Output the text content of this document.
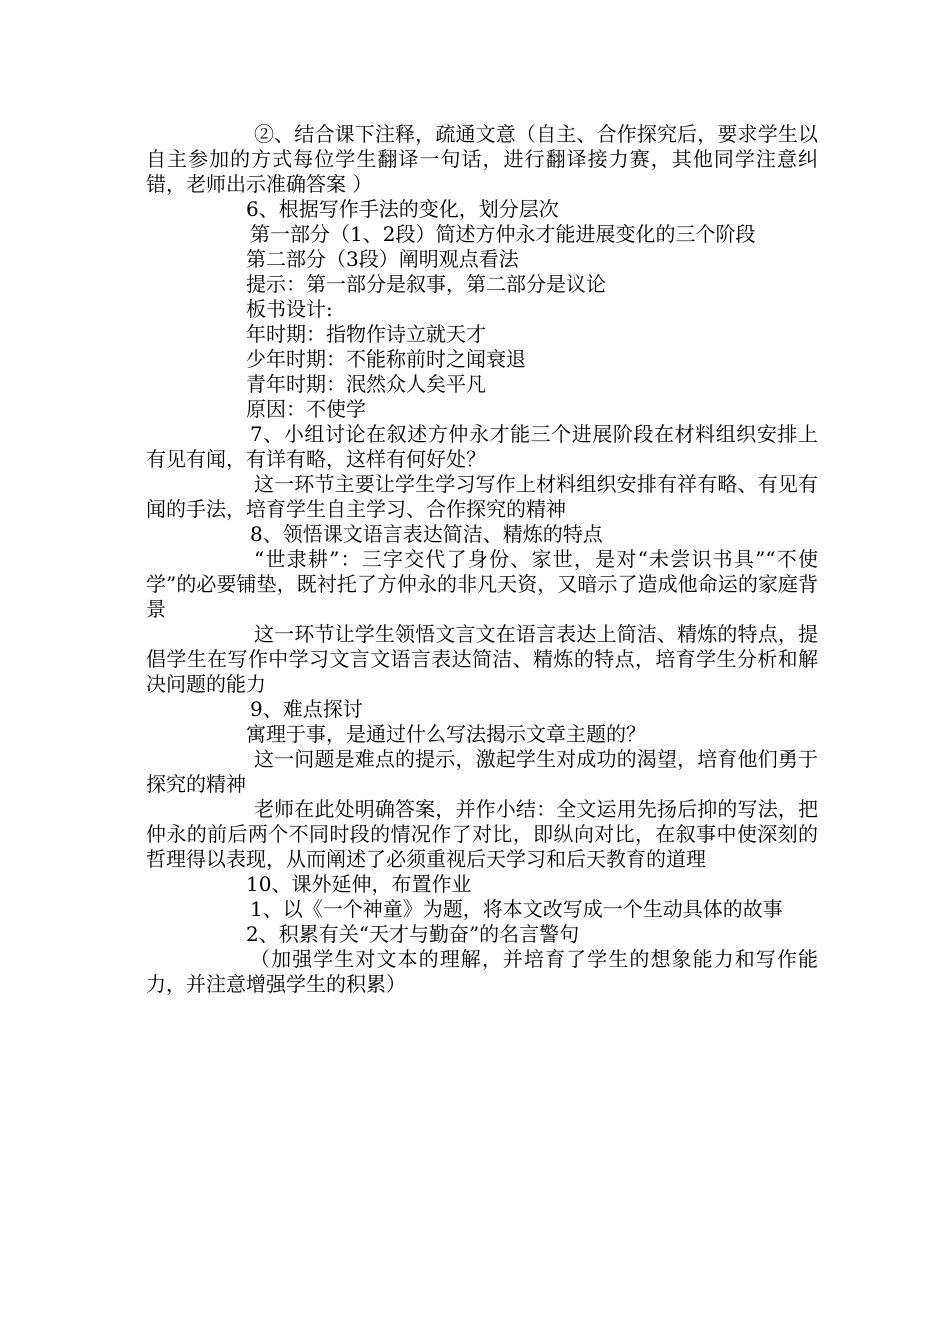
②、结合课下注释，疏通文意（自主、合作探究后，要求学生以自主参加的方式每位学生翻译一句话，进行翻译接力赛，其他同学注意纠错，老师出示准确答案 ）

6、根据写作手法的变化，划分层次

第一部分（1、2段）简述方仲永才能进展变化的三个阶段

第二部分（3段）阐明观点看法

提示：第一部分是叙事，第二部分是议论

板书设计:

年时期：指物作诗立就天才

少年时期：不能称前时之闻衰退

青年时期：泯然众人矣平凡

原因：不使学

7、小组讨论在叙述方仲永才能三个进展阶段在材料组织安排上有见有闻，有详有略，这样有何好处？

这一环节主要让学生学习写作上材料组织安排有祥有略、有见有闻的手法，培育学生自主学习、合作探究的精神

8、领悟课文语言表达简洁、精炼的特点

“世隶耕”：三字交代了身份、家世，是对“未尝识书具”“不使学”的必要铺垫，既衬托了方仲永的非凡天资，又暗示了造成他命运的家庭背景

这一环节让学生领悟文言文在语言表达上简洁、精炼的特点，提倡学生在写作中学习文言文语言表达简洁、精炼的特点，培育学生分析和解决问题的能力

9、难点探讨

寓理于事，是通过什么写法揭示文章主题的？

这一问题是难点的提示，激起学生对成功的渴望，培育他们勇于探究的精神

老师在此处明确答案，并作小结：全文运用先扬后抑的写法，把仲永的前后两个不同时段的情况作了对比，即纵向对比，在叙事中使深刻的哲理得以表现，从而阐述了必须重视后天学习和后天教育的道理

10、课外延伸，布置作业

1、以《一个神童》为题，将本文改写成一个生动具体的故事

2、积累有关“天才与勤奋”的名言警句

（加强学生对文本的理解，并培育了学生的想象能力和写作能力，并注意增强学生的积累）
